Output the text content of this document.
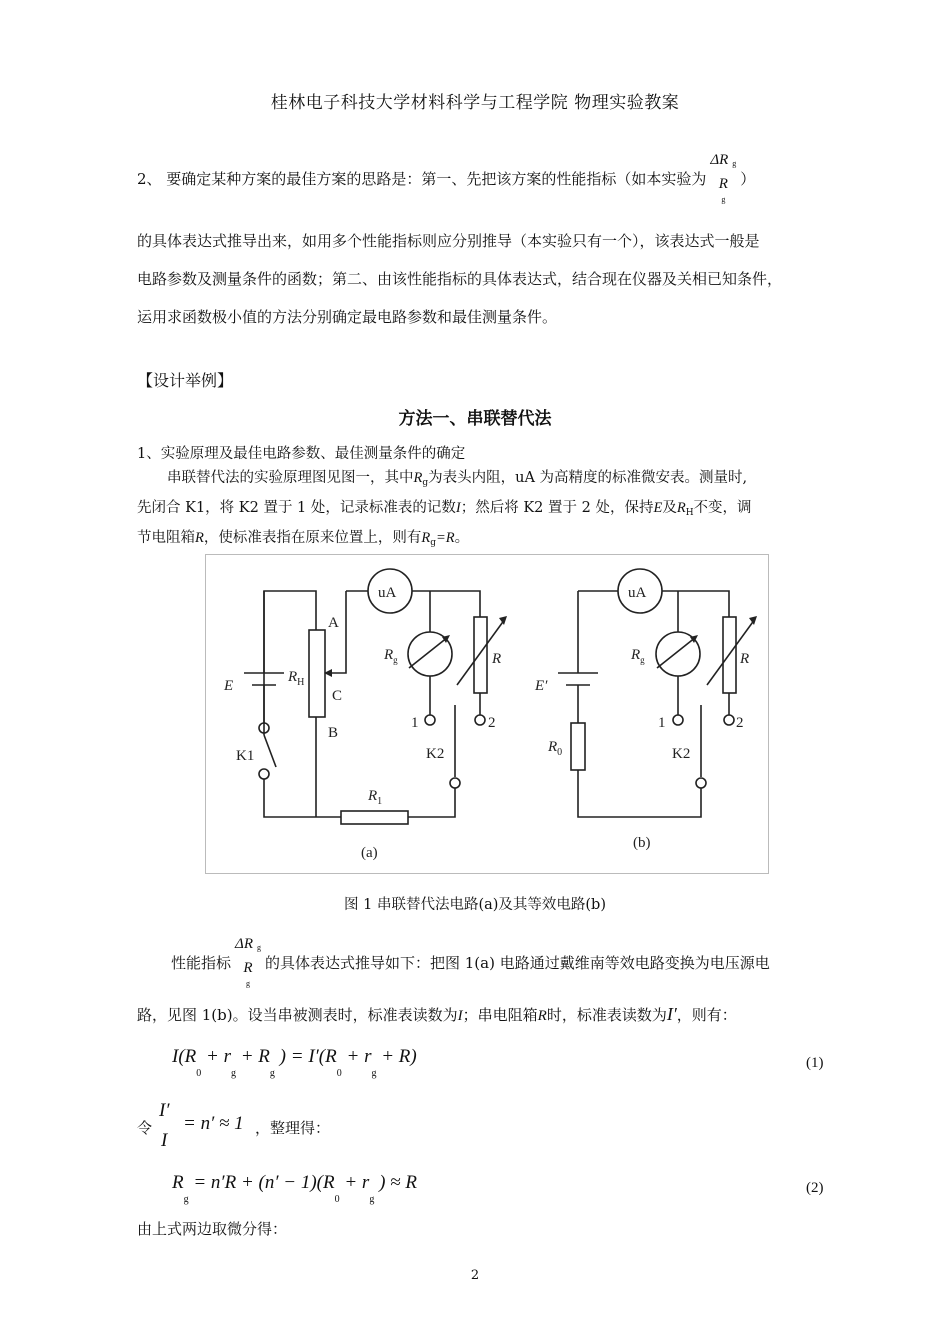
桂林电子科技大学材料科学与工程学院 物理实验教案
2、 要确定某种方案的最佳方案的思路是：第一、先把该方案的性能指标（如本实验为
ΔR $_g$
R
g
）
的具体表达式推导出来，如用多个性能指标则应分别推导（本实验只有一个），该表达式一般是
电路参数及测量条件的函数；第二、由该性能指标的具体表达式，结合现在仪器及关相已知条件，
运用求函数极小值的方法分别确定最电路参数和最佳测量条件。
【设计举例】
方法一、串联替代法
1、实验原理及最佳电路参数、最佳测量条件的确定
串联替代法的实验原理图见图一，其中$R_g$为表头内阻，uA 为高精度的标准微安表。测量时,
先闭合 K1，将 K2 置于 1 处，记录标准表的记数I；然后将 K2 置于 2 处，保持E及$R_H$不变，调
节电阻箱R，使标准表指在原来位置上，则有$R_g=R$。
uA
A
C
B
E
$R_H$
$R_g$	R
$R_1$
K1	K2
1	2
(a)
uA
E′
$R_0$
$R_g$	R
K2
1	2
(b)
图 1 串联替代法电路(a)及其等效电路(b)
性能指标
ΔR $_g$
R
g
的具体表达式推导如下：把图 1(a) 电路通过戴维南等效电路变换为电压源电
路，见图 1(b)。设当串被测表时，标准表读数为I；串电阻箱R时，标准表读数为I′，则有：
$I(R_0 + r_g + R_g$ ) = $I'(R_0 + r_g + R)$	(1)
令
I′
I
= n′ ≈ 1 ，整理得：
$R_g = n'R + (n' - 1)(R_0 + r_g$ ) ≈ R	(2)
由上式两边取微分得：
2
